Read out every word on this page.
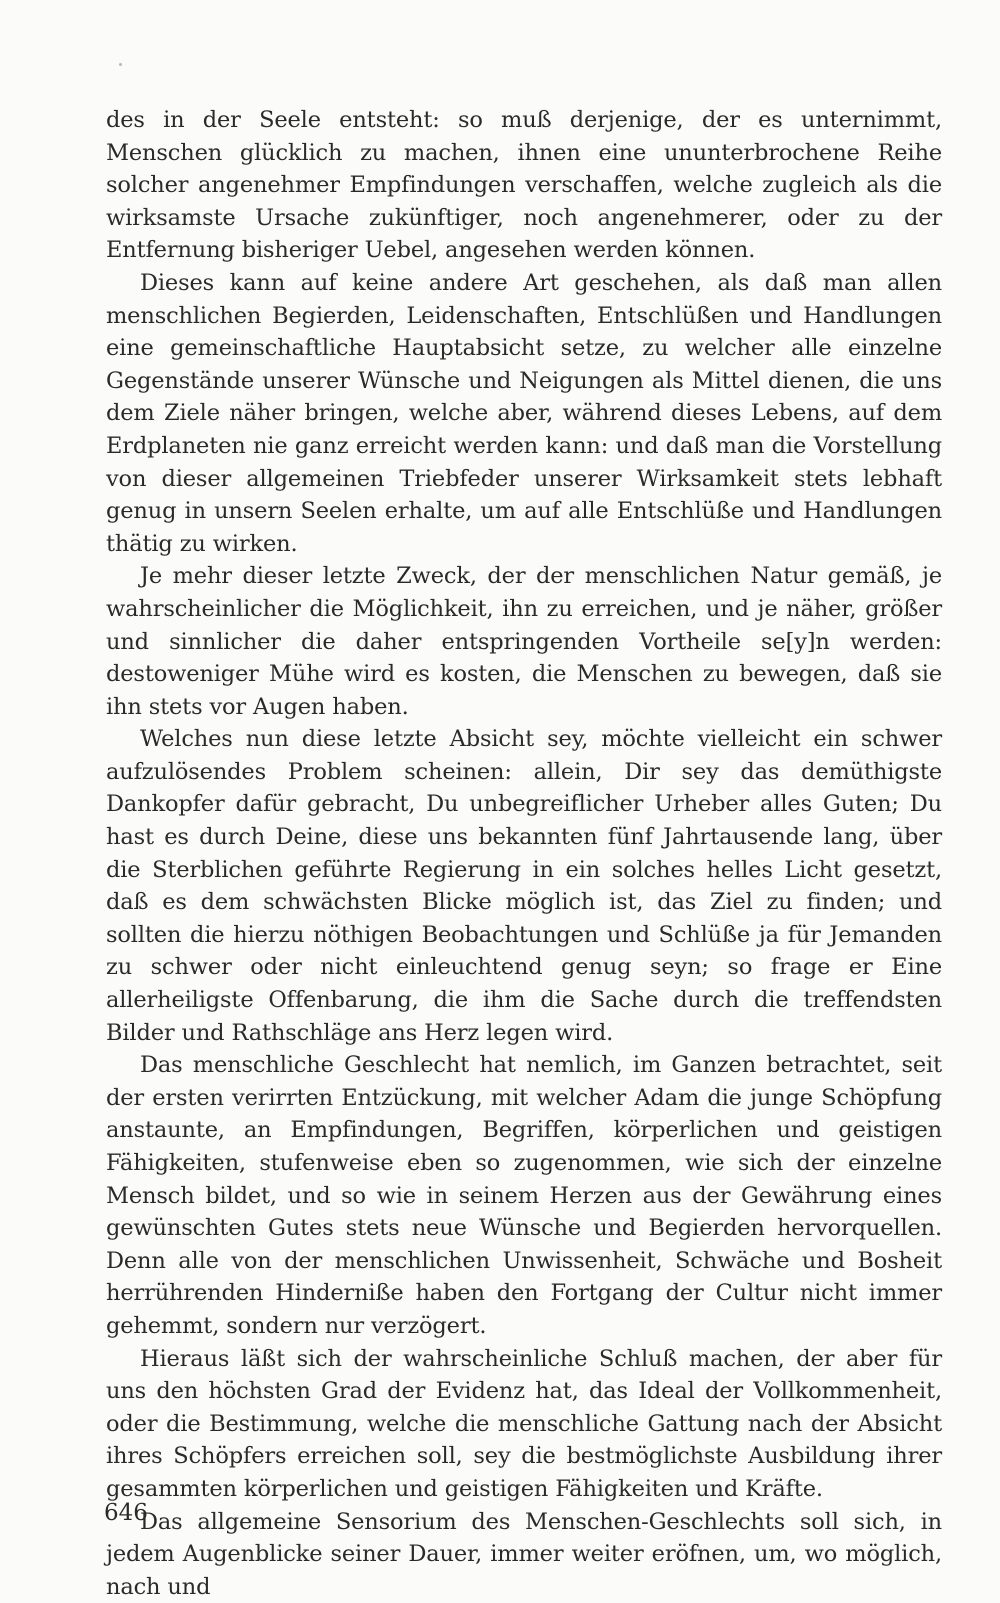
des in der Seele entsteht: so muß derjenige, der es unternimmt, Menschen glücklich zu machen, ihnen eine ununterbrochene Reihe solcher angenehmer Empfindungen verschaffen, welche zugleich als die wirksamste Ursache zukünftiger, noch angenehmerer, oder zu der Entfernung bisheriger Uebel, angesehen werden können.

Dieses kann auf keine andere Art geschehen, als daß man allen menschlichen Begierden, Leidenschaften, Entschlüßen und Handlungen eine gemeinschaftliche Hauptabsicht setze, zu welcher alle einzelne Gegenstände unserer Wünsche und Neigungen als Mittel dienen, die uns dem Ziele näher bringen, welche aber, während dieses Lebens, auf dem Erdplaneten nie ganz erreicht werden kann: und daß man die Vorstellung von dieser allgemeinen Triebfeder unserer Wirksamkeit stets lebhaft genug in unsern Seelen erhalte, um auf alle Entschlüße und Handlungen thätig zu wirken.

Je mehr dieser letzte Zweck, der der menschlichen Natur gemäß, je wahrscheinlicher die Möglichkeit, ihn zu erreichen, und je näher, größer und sinnlicher die daher entspringenden Vortheile se[y]n werden: destoweniger Mühe wird es kosten, die Menschen zu bewegen, daß sie ihn stets vor Augen haben.

Welches nun diese letzte Absicht sey, möchte vielleicht ein schwer aufzulösendes Problem scheinen: allein, Dir sey das demüthigste Dankopfer dafür gebracht, Du unbegreiflicher Urheber alles Guten; Du hast es durch Deine, diese uns bekannten fünf Jahrtausende lang, über die Sterblichen geführte Regierung in ein solches helles Licht gesetzt, daß es dem schwächsten Blicke möglich ist, das Ziel zu finden; und sollten die hierzu nöthigen Beobachtungen und Schlüße ja für Jemanden zu schwer oder nicht einleuchtend genug seyn; so frage er Eine allerheiligste Offenbarung, die ihm die Sache durch die treffendsten Bilder und Rathschläge ans Herz legen wird.

Das menschliche Geschlecht hat nemlich, im Ganzen betrachtet, seit der ersten verirrten Entzückung, mit welcher Adam die junge Schöpfung anstaunte, an Empfindungen, Begriffen, körperlichen und geistigen Fähigkeiten, stufenweise eben so zugenommen, wie sich der einzelne Mensch bildet, und so wie in seinem Herzen aus der Gewährung eines gewünschten Gutes stets neue Wünsche und Begierden hervorquellen. Denn alle von der menschlichen Unwissenheit, Schwäche und Bosheit herrührenden Hinderniße haben den Fortgang der Cultur nicht immer gehemmt, sondern nur verzögert.

Hieraus läßt sich der wahrscheinliche Schluß machen, der aber für uns den höchsten Grad der Evidenz hat, das Ideal der Vollkommenheit, oder die Bestimmung, welche die menschliche Gattung nach der Absicht ihres Schöpfers erreichen soll, sey die bestmöglichste Ausbildung ihrer gesammten körperlichen und geistigen Fähigkeiten und Kräfte.

Das allgemeine Sensorium des Menschen-Geschlechts soll sich, in jedem Augenblicke seiner Dauer, immer weiter eröfnen, um, wo möglich, nach und

646
